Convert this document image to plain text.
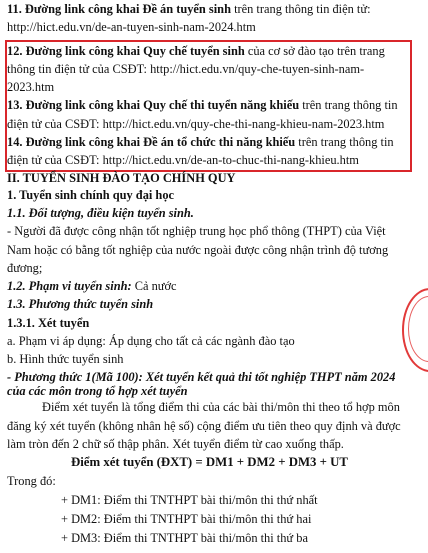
11. Đường link công khai Đề án tuyển sinh trên trang thông tin điện tử:
http://hict.edu.vn/de-an-tuyen-sinh-nam-2024.htm
12. Đường link công khai Quy chế tuyển sinh của cơ sở đào tạo trên trang
thông tin điện tử của CSĐT: http://hict.edu.vn/quy-che-tuyen-sinh-nam-
2023.htm
13. Đường link công khai Quy chế thi tuyển năng khiếu trên trang thông tin
điện tử của CSĐT: http://hict.edu.vn/quy-che-thi-nang-khieu-nam-2023.htm
14. Đường link công khai Đề án tổ chức thi năng khiếu trên trang thông tin
điện tử của CSĐT: http://hict.edu.vn/de-an-to-chuc-thi-nang-khieu.htm
II. TUYỂN SINH ĐÀO TẠO CHÍNH QUY
1. Tuyển sinh chính quy đại học
1.1. Đối tượng, điều kiện tuyển sinh.
- Người đã được công nhận tốt nghiệp trung học phổ thông (THPT) của Việt
Nam hoặc có bằng tốt nghiệp của nước ngoài được công nhận trình độ tương
đương;
1.2. Phạm vi tuyển sinh: Cả nước
1.3. Phương thức tuyển sinh
1.3.1. Xét tuyển
a. Phạm vi áp dụng: Áp dụng cho tất cả các ngành đào tạo
b. Hình thức tuyển sinh
- Phương thức 1(Mã 100): Xét tuyển kết quả thi tốt nghiệp THPT năm 2024
của các môn trong tổ hợp xét tuyển
Điểm xét tuyển là tổng điểm thi của các bài thi/môn thi theo tổ hợp môn
đăng ký xét tuyển (không nhân hệ số) cộng điểm ưu tiên theo quy định và được
làm tròn đến 2 chữ số thập phân. Xét tuyển điểm từ cao xuống thấp.
Điểm xét tuyển (ĐXT) = DM1 + DM2 + DM3 + UT
Trong đó:
+ DM1: Điểm thi TNTHPT bài thi/môn thi thứ nhất
+ DM2: Điểm thi TNTHPT bài thi/môn thi thứ hai
+ DM3: Điểm thi TNTHPT bài thi/môn thi thứ ba
